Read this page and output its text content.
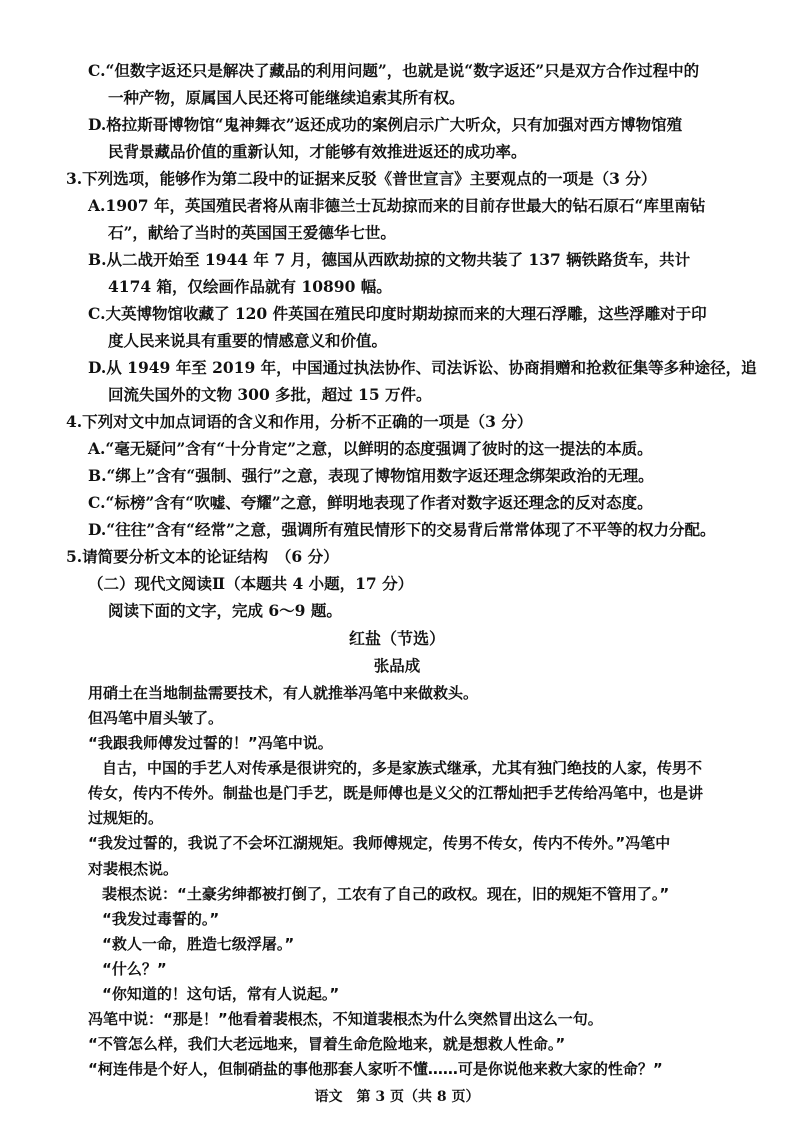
C.“但数字返还只是解决了藏品的利用问题”，也就是说“数字返还”只是双方合作过程中的
一种产物，原属国人民还将可能继续追索其所有权。
D.格拉斯哥博物馆“鬼神舞衣”返还成功的案例启示广大听众，只有加强对西方博物馆殖
民背景藏品价值的重新认知，才能够有效推进返还的成功率。
3.下列选项，能够作为第二段中的证据来反驳《普世宣言》主要观点的一项是（3 分）
A.1907 年，英国殖民者将从南非德兰士瓦劫掠而来的目前存世最大的钻石原石“库里南钻
石”，献给了当时的英国国王爱德华七世。
B.从二战开始至 1944 年 7 月，德国从西欧劫掠的文物共装了 137 辆铁路货车，共计
4174 箱，仅绘画作品就有 10890 幅。
C.大英博物馆收藏了 120 件英国在殖民印度时期劫掠而来的大理石浮雕，这些浮雕对于印
度人民来说具有重要的情感意义和价值。
D.从 1949 年至 2019 年，中国通过执法协作、司法诉讼、协商捐赠和抢救征集等多种途径，追
回流失国外的文物 300 多批，超过 15 万件。
4.下列对文中加点词语的含义和作用，分析不正确的一项是（3 分）
A.“毫无疑问”含有“十分肯定”之意，以鲜明的态度强调了彼时的这一提法的本质。
B.“绑上”含有“强制、强行”之意，表现了博物馆用数字返还理念绑架政治的无理。
C.“标榜”含有“吹嘘、夸耀”之意，鲜明地表现了作者对数字返还理念的反对态度。
D.“往往”含有“经常”之意，强调所有殖民情形下的交易背后常常体现了不平等的权力分配。
5.请简要分析文本的论证结构　（6 分）
（二）现代文阅读Ⅱ（本题共 4 小题，17 分）
阅读下面的文字，完成 6～9 题。
红盐（节选）
张品成
用硝土在当地制盐需要技术，有人就推举冯笔中来做救头。
但冯笔中眉头皱了。
“我跟我师傅发过誓的！”冯笔中说。
自古，中国的手艺人对传承是很讲究的，多是家族式继承，尤其有独门绝技的人家，传男不
传女，传内不传外。制盐也是门手艺，既是师傅也是义父的江帮灿把手艺传给冯笔中，也是讲
过规矩的。
“我发过誓的，我说了不会坏江湖规矩。我师傅规定，传男不传女，传内不传外。”冯笔中
对裴根杰说。
裴根杰说：“土豪劣绅都被打倒了，工农有了自己的政权。现在，旧的规矩不管用了。”
“我发过毒誓的。”
“救人一命，胜造七级浮屠。”
“什么？”
“你知道的！这句话，常有人说起。”
冯笔中说：“那是！”他看着裴根杰，不知道裴根杰为什么突然冒出这么一句。
“不管怎么样，我们大老远地来，冒着生命危险地来，就是想救人性命。”
语文　第 3 页（共 8 页）
“柯连伟是个好人，但制硝盐的事他那套人家听不懂……可是你说他来救大家的性命？”
